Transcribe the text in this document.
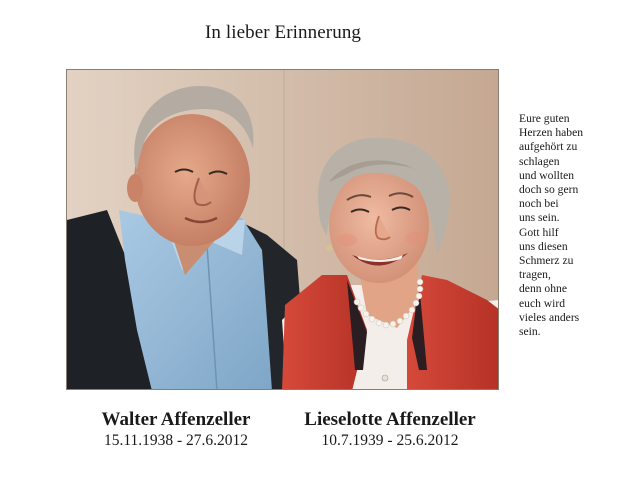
In lieber Erinnerung
Eure guten
Herzen haben
aufgehört zu
schlagen
und wollten
doch so gern
noch bei
uns sein.
Gott hilf
uns diesen
Schmerz zu
tragen,
denn ohne
euch wird
vieles anders
sein.
Walter Affenzeller
15.11.1938 - 27.6.2012
Lieselotte Affenzeller
10.7.1939 - 25.6.2012
